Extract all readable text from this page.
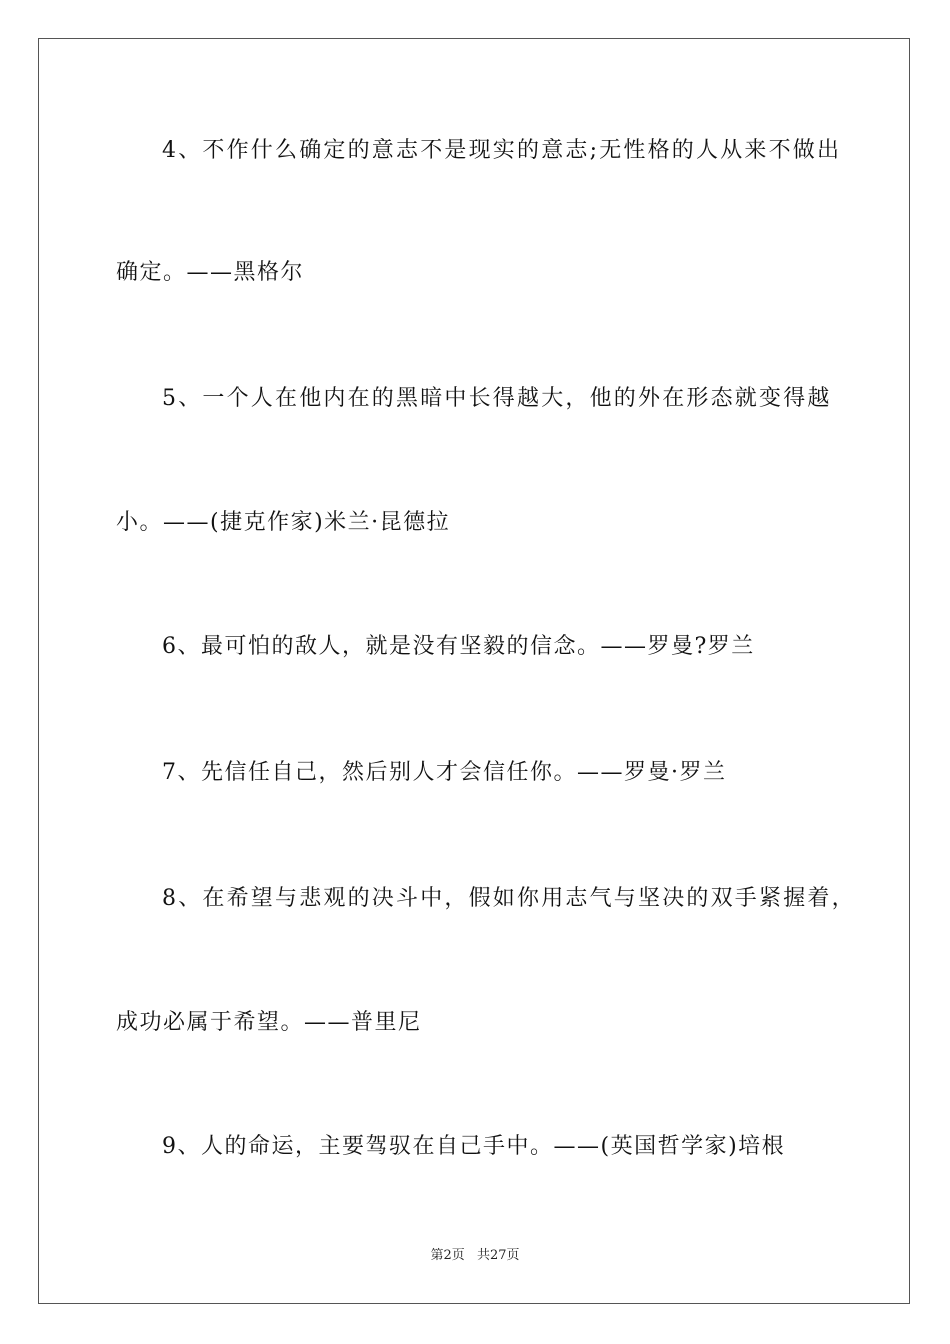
4、不作什么确定的意志不是现实的意志;无性格的人从来不做出
确定。——黑格尔
5、一个人在他内在的黑暗中长得越大，他的外在形态就变得越
小。——(捷克作家)米兰·昆德拉
6、最可怕的敌人，就是没有坚毅的信念。——罗曼?罗兰
7、先信任自己，然后别人才会信任你。——罗曼·罗兰
8、在希望与悲观的决斗中，假如你用志气与坚决的双手紧握着，
成功必属于希望。——普里尼
9、人的命运，主要驾驭在自己手中。——(英国哲学家)培根
第2页 共27页
